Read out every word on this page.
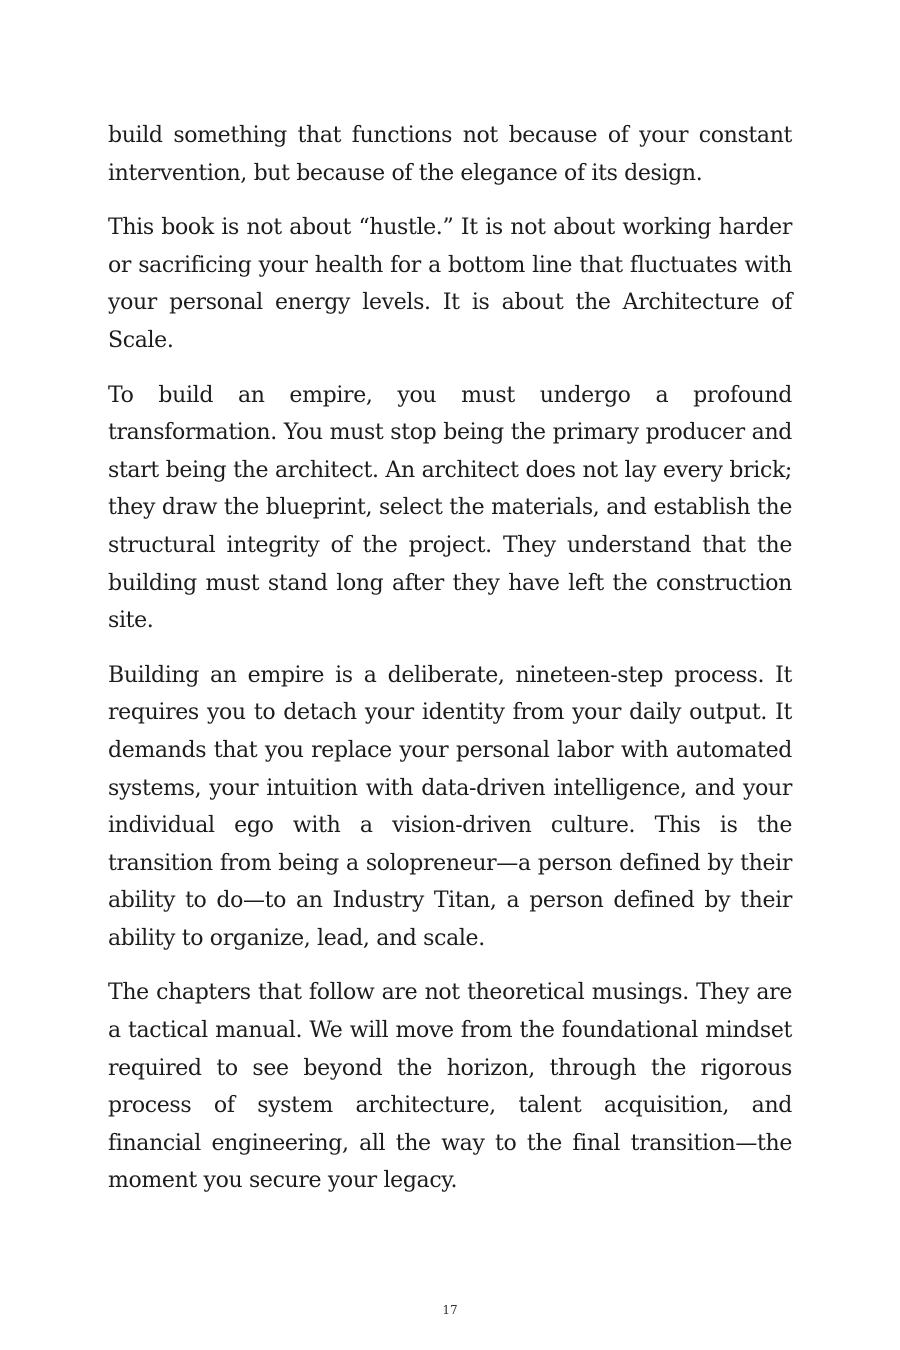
build something that functions not because of your constant intervention, but because of the elegance of its design.

This book is not about “hustle.” It is not about working harder or sacrificing your health for a bottom line that fluctuates with your personal energy levels. It is about the Architecture of Scale.

To build an empire, you must undergo a profound transformation. You must stop being the primary producer and start being the architect. An architect does not lay every brick; they draw the blueprint, select the materials, and establish the structural integrity of the project. They understand that the building must stand long after they have left the construction site.

Building an empire is a deliberate, nineteen-step process. It requires you to detach your identity from your daily output. It demands that you replace your personal labor with automated systems, your intuition with data-driven intelligence, and your individual ego with a vision-driven culture. This is the transition from being a solopreneur—a person defined by their ability to do—to an Industry Titan, a person defined by their ability to organize, lead, and scale.

The chapters that follow are not theoretical musings. They are a tactical manual. We will move from the foundational mindset required to see beyond the horizon, through the rigorous process of system architecture, talent acquisition, and financial engineering, all the way to the final transition—the moment you secure your legacy.

17
